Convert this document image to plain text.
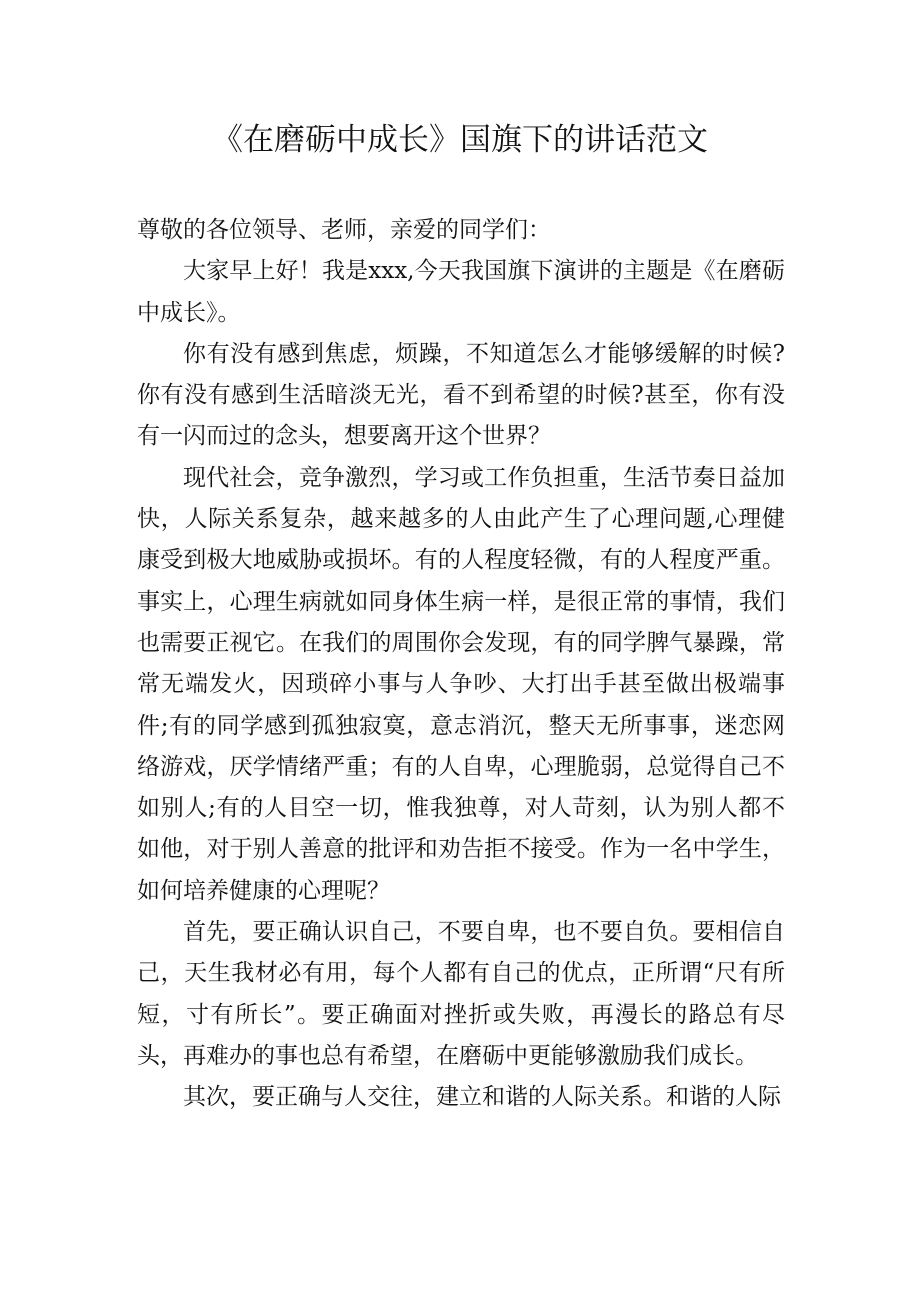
《在磨砺中成长》国旗下的讲话范文

尊敬的各位领导、老师，亲爱的同学们：

大家早上好！我是xxx,今天我国旗下演讲的主题是《在磨砺中成长》。

你有没有感到焦虑，烦躁，不知道怎么才能够缓解的时候?你有没有感到生活暗淡无光，看不到希望的时候?甚至，你有没有一闪而过的念头，想要离开这个世界？

现代社会，竞争激烈，学习或工作负担重，生活节奏日益加快，人际关系复杂，越来越多的人由此产生了心理问题,心理健康受到极大地威胁或损坏。有的人程度轻微，有的人程度严重。事实上，心理生病就如同身体生病一样，是很正常的事情，我们也需要正视它。在我们的周围你会发现，有的同学脾气暴躁，常常无端发火，因琐碎小事与人争吵、大打出手甚至做出极端事件;有的同学感到孤独寂寞，意志消沉，整天无所事事，迷恋网络游戏，厌学情绪严重；有的人自卑，心理脆弱，总觉得自己不如别人;有的人目空一切，惟我独尊，对人苛刻，认为别人都不如他，对于别人善意的批评和劝告拒不接受。作为一名中学生，如何培养健康的心理呢？

首先，要正确认识自己，不要自卑，也不要自负。要相信自己，天生我材必有用，每个人都有自己的优点，正所谓“尺有所短，寸有所长”。要正确面对挫折或失败，再漫长的路总有尽头，再难办的事也总有希望，在磨砺中更能够激励我们成长。

其次，要正确与人交往，建立和谐的人际关系。和谐的人际
